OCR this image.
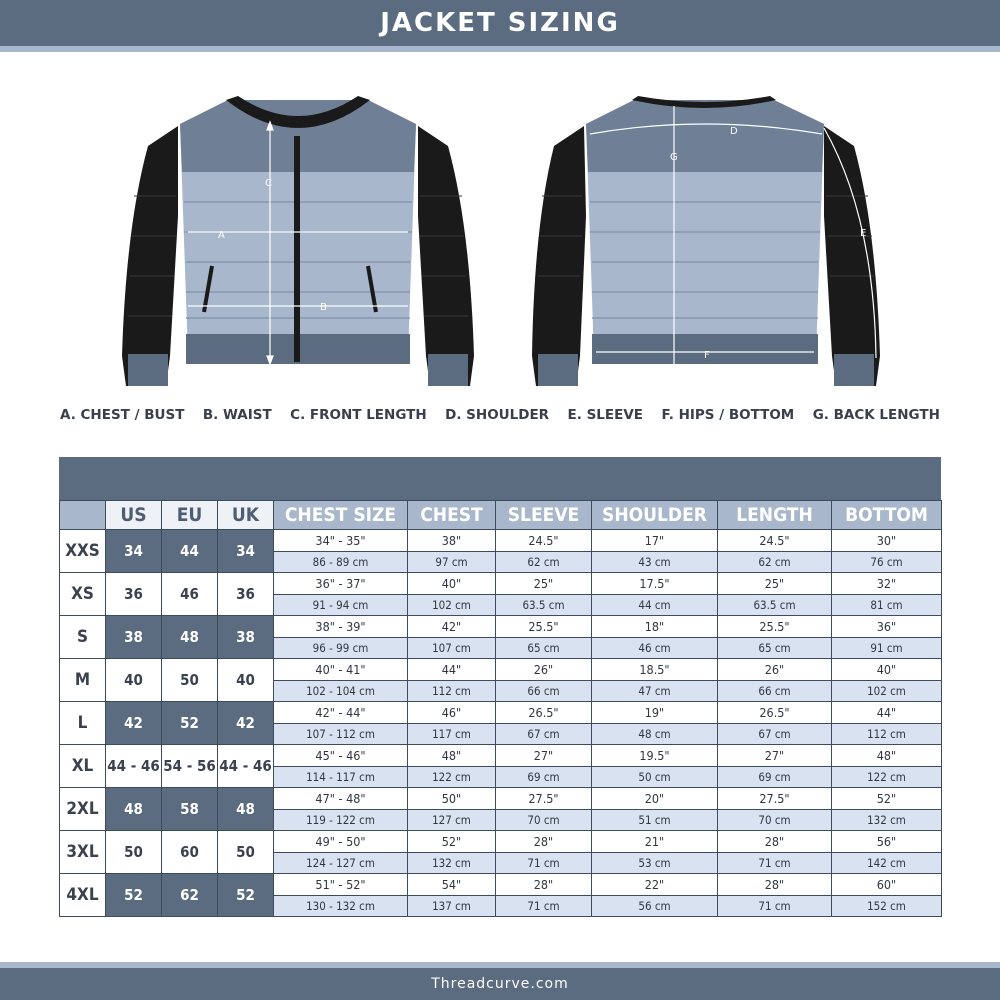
JACKET SIZING
C
A
B
D
G
E
F
A. CHEST / BUST B. WAIST C. FRONT LENGTH D. SHOULDER E. SLEEVE F. HIPS / BOTTOM G. BACK LENGTH
	US	EU	UK	CHEST SIZE	CHEST	SLEEVE	SHOULDER	LENGTH	BOTTOM
XXS	34	44	34	34" - 35"	38"	24.5"	17"	24.5"	30"
				86 - 89 cm	97 cm	62 cm	43 cm	62 cm	76 cm
XS	36	46	36	36" - 37"	40"	25"	17.5"	25"	32"
				91 - 94 cm	102 cm	63.5 cm	44 cm	63.5 cm	81 cm
S	38	48	38	38" - 39"	42"	25.5"	18"	25.5"	36"
				96 - 99 cm	107 cm	65 cm	46 cm	65 cm	91 cm
M	40	50	40	40" - 41"	44"	26"	18.5"	26"	40"
				102 - 104 cm	112 cm	66 cm	47 cm	66 cm	102 cm
L	42	52	42	42" - 44"	46"	26.5"	19"	26.5"	44"
				107 - 112 cm	117 cm	67 cm	48 cm	67 cm	112 cm
XL	44 - 46	54 - 56	44 - 46	45" - 46"	48"	27"	19.5"	27"	48"
				114 - 117 cm	122 cm	69 cm	50 cm	69 cm	122 cm
2XL	48	58	48	47" - 48"	50"	27.5"	20"	27.5"	52"
				119 - 122 cm	127 cm	70 cm	51 cm	70 cm	132 cm
3XL	50	60	50	49" - 50"	52"	28"	21"	28"	56"
				124 - 127 cm	132 cm	71 cm	53 cm	71 cm	142 cm
4XL	52	62	52	51" - 52"	54"	28"	22"	28"	60"
				130 - 132 cm	137 cm	71 cm	56 cm	71 cm	152 cm
Threadcurve.com
